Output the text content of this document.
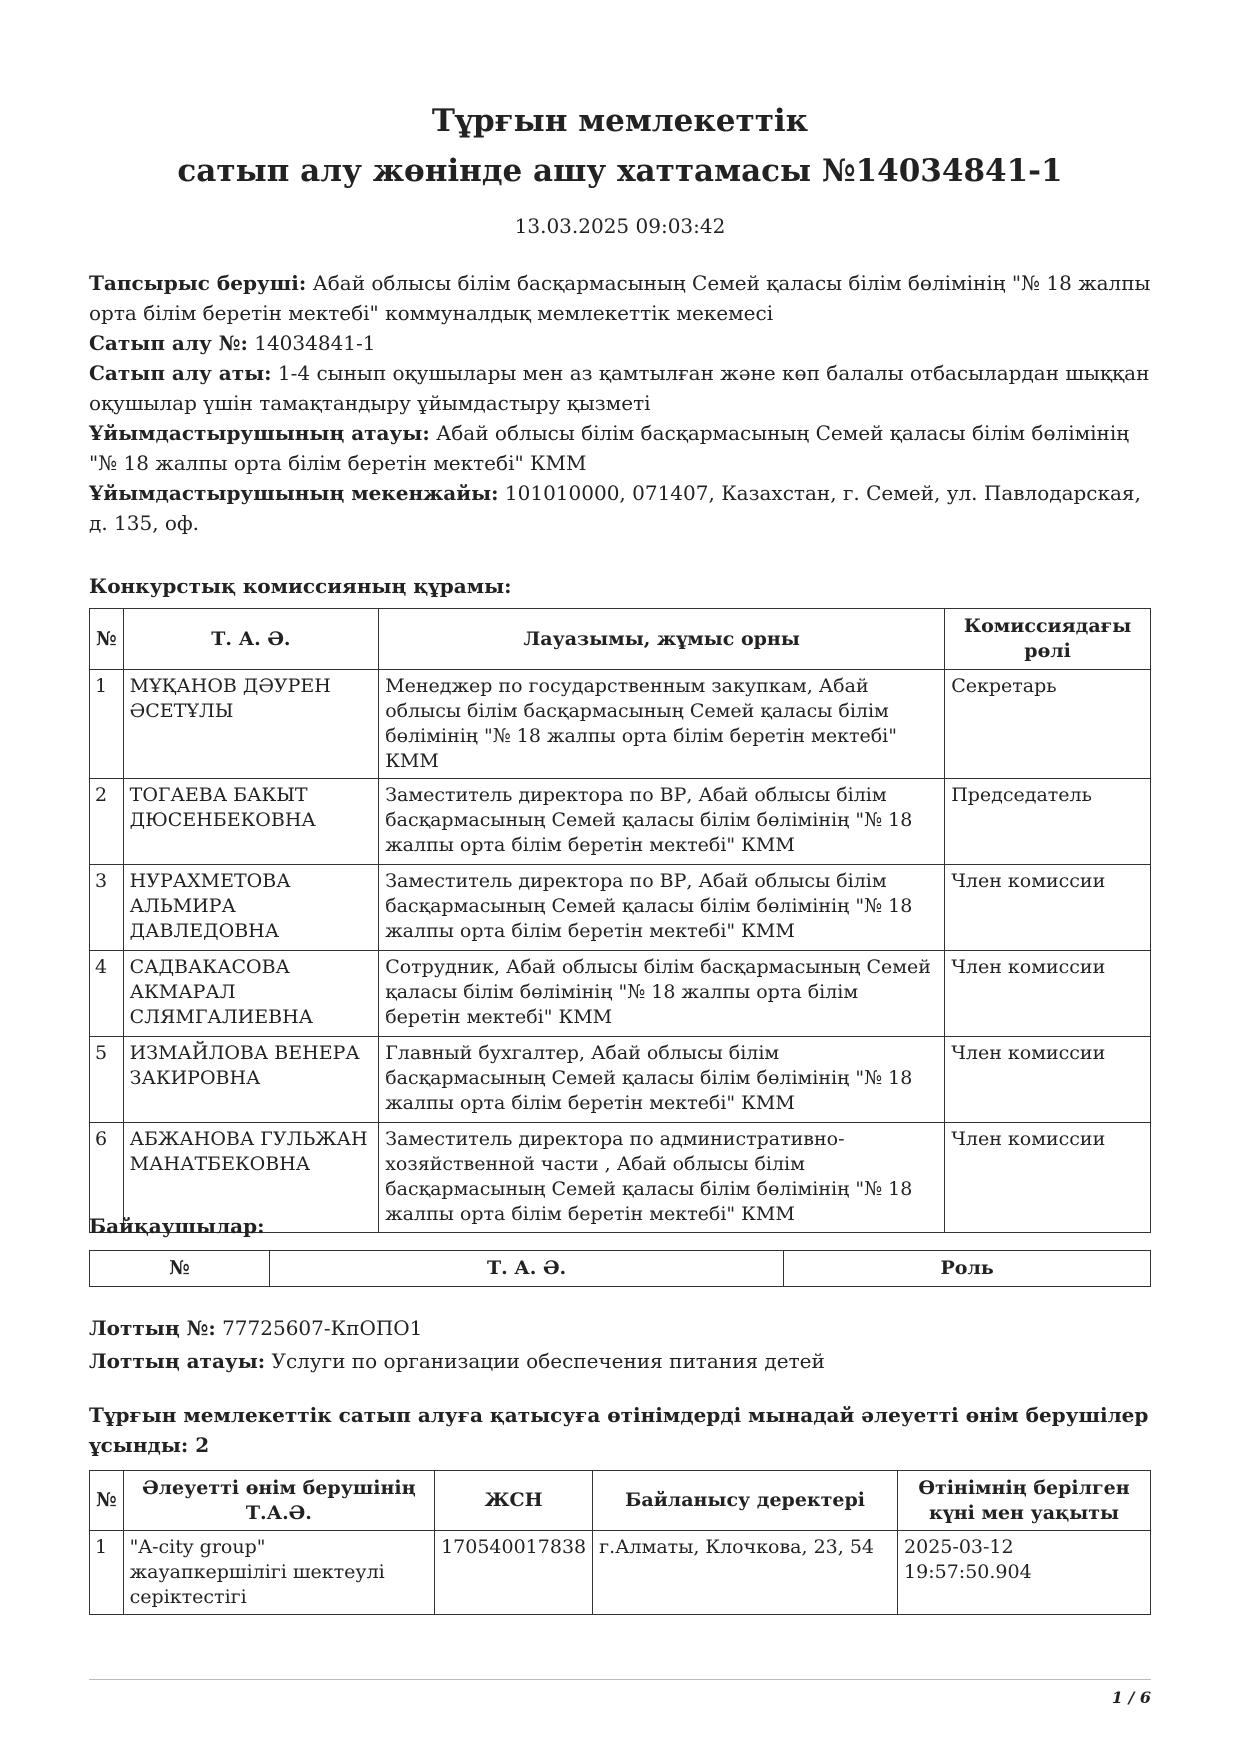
Тұрғын мемлекеттік
сатып алу жөнінде ашу хаттамасы №14034841-1
13.03.2025 09:03:42

Тапсырыс беруші: Абай облысы білім басқармасының Семей қаласы білім бөлімінің "№ 18 жалпы орта білім беретін мектебі" коммуналдық мемлекеттік мекемесі

Сатып алу №: 14034841-1

Сатып алу аты: 1-4 сынып оқушылары мен аз қамтылған және көп балалы отбасылардан шыққан оқушылар үшін тамақтандыру ұйымдастыру қызметі

Ұйымдастырушының атауы: Абай облысы білім басқармасының Семей қаласы білім бөлімінің "№ 18 жалпы орта білім беретін мектебі" КММ

Ұйымдастырушының мекенжайы: 101010000, 071407, Казахстан, г. Семей, ул. Павлодарская, д. 135, оф.

Конкурстық комиссияның құрамы:
№	Т. А. Ә.	Лауазымы, жұмыс орны	Комиссиядағы рөлі
1	МҰҚАНОВ ДӘУРЕН ӘСЕТҰЛЫ	Менеджер по государственным закупкам, Абай облысы білім басқармасының Семей қаласы білім бөлімінің "№ 18 жалпы орта білім беретін мектебі" КММ	Секретарь
2	ТОГАЕВА БАКЫТ ДЮСЕНБЕКОВНА	Заместитель директора по ВР, Абай облысы білім басқармасының Семей қаласы білім бөлімінің "№ 18 жалпы орта білім беретін мектебі" КММ	Председатель
3	НУРАХМЕТОВА АЛЬМИРА ДАВЛЕДОВНА	Заместитель директора по ВР, Абай облысы білім басқармасының Семей қаласы білім бөлімінің "№ 18 жалпы орта білім беретін мектебі" КММ	Член комиссии
4	САДВАКАСОВА АКМАРАЛ СЛЯМГАЛИЕВНА	Сотрудник, Абай облысы білім басқармасының Семей қаласы білім бөлімінің "№ 18 жалпы орта білім беретін мектебі" КММ	Член комиссии
5	ИЗМАЙЛОВА ВЕНЕРА ЗАКИРОВНА	Главный бухгалтер, Абай облысы білім басқармасының Семей қаласы білім бөлімінің "№ 18 жалпы орта білім беретін мектебі" КММ	Член комиссии
6	АБЖАНОВА ГУЛЬЖАН МАНАТБЕКОВНА	Заместитель директора по административно-хозяйственной части , Абай облысы білім басқармасының Семей қаласы білім бөлімінің "№ 18 жалпы орта білім беретін мектебі" КММ	Член комиссии
Байқаушылар:
№	Т. А. Ә.	Роль

Лоттың №: 77725607-КпОПО1

Лоттың атауы: Услуги по организации обеспечения питания детей

Тұрғын мемлекеттік сатып алуға қатысуға өтінімдерді мынадай әлеуетті өнім берушілер ұсынды: 2
№	Әлеуетті өнім берушінің Т.А.Ә.	ЖСН	Байланысу деректері	Өтінімнің берілген күні мен уақыты
1	"A-city group" жауапкершілігі шектеулі серіктестігі	170540017838	г.Алматы, Клочкова, 23, 54	2025-03-12 19:57:50.904
1 / 6
